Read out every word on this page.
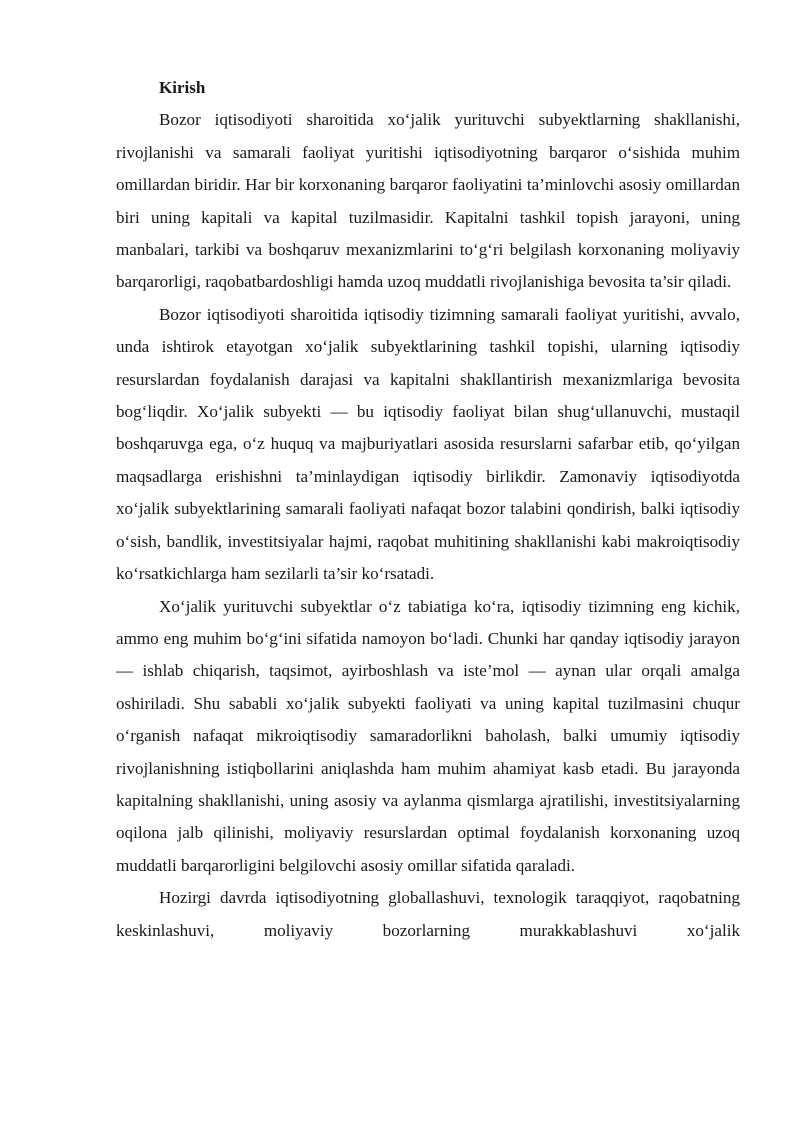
Kirish

Bozor iqtisodiyoti sharoitida xo‘jalik yurituvchi subyektlarning shakllanishi, rivojlanishi va samarali faoliyat yuritishi iqtisodiyotning barqaror o‘sishida muhim omillardan biridir. Har bir korxonaning barqaror faoliyatini ta’minlovchi asosiy omillardan biri uning kapitali va kapital tuzilmasidir. Kapitalni tashkil topish jarayoni, uning manbalari, tarkibi va boshqaruv mexanizmlarini to‘g‘ri belgilash korxonaning moliyaviy barqarorligi, raqobatbardoshligi hamda uzoq muddatli rivojlanishiga bevosita ta’sir qiladi.

Bozor iqtisodiyoti sharoitida iqtisodiy tizimning samarali faoliyat yuritishi, avvalo, unda ishtirok etayotgan xo‘jalik subyektlarining tashkil topishi, ularning iqtisodiy resurslardan foydalanish darajasi va kapitalni shakllantirish mexanizmlariga bevosita bog‘liqdir. Xo‘jalik subyekti — bu iqtisodiy faoliyat bilan shug‘ullanuvchi, mustaqil boshqaruvga ega, o‘z huquq va majburiyatlari asosida resurslarni safarbar etib, qo‘yilgan maqsadlarga erishishni ta’minlaydigan iqtisodiy birlikdir. Zamonaviy iqtisodiyotda xo‘jalik subyektlarining samarali faoliyati nafaqat bozor talabini qondirish, balki iqtisodiy o‘sish, bandlik, investitsiyalar hajmi, raqobat muhitining shakllanishi kabi makroiqtisodiy ko‘rsatkichlarga ham sezilarli ta’sir ko‘rsatadi.

Xo‘jalik yurituvchi subyektlar o‘z tabiatiga ko‘ra, iqtisodiy tizimning eng kichik, ammo eng muhim bo‘g‘ini sifatida namoyon bo‘ladi. Chunki har qanday iqtisodiy jarayon — ishlab chiqarish, taqsimot, ayirboshlash va iste’mol — aynan ular orqali amalga oshiriladi. Shu sababli xo‘jalik subyekti faoliyati va uning kapital tuzilmasini chuqur o‘rganish nafaqat mikroiqtisodiy samaradorlikni baholash, balki umumiy iqtisodiy rivojlanishning istiqbollarini aniqlashda ham muhim ahamiyat kasb etadi. Bu jarayonda kapitalning shakllanishi, uning asosiy va aylanma qismlarga ajratilishi, investitsiyalarning oqilona jalb qilinishi, moliyaviy resurslardan optimal foydalanish korxonaning uzoq muddatli barqarorligini belgilovchi asosiy omillar sifatida qaraladi.

Hozirgi davrda iqtisodiyotning globallashuvi, texnologik taraqqiyot, raqobatning keskinlashuvi, moliyaviy bozorlarning murakkablashuvi xo‘jalik
